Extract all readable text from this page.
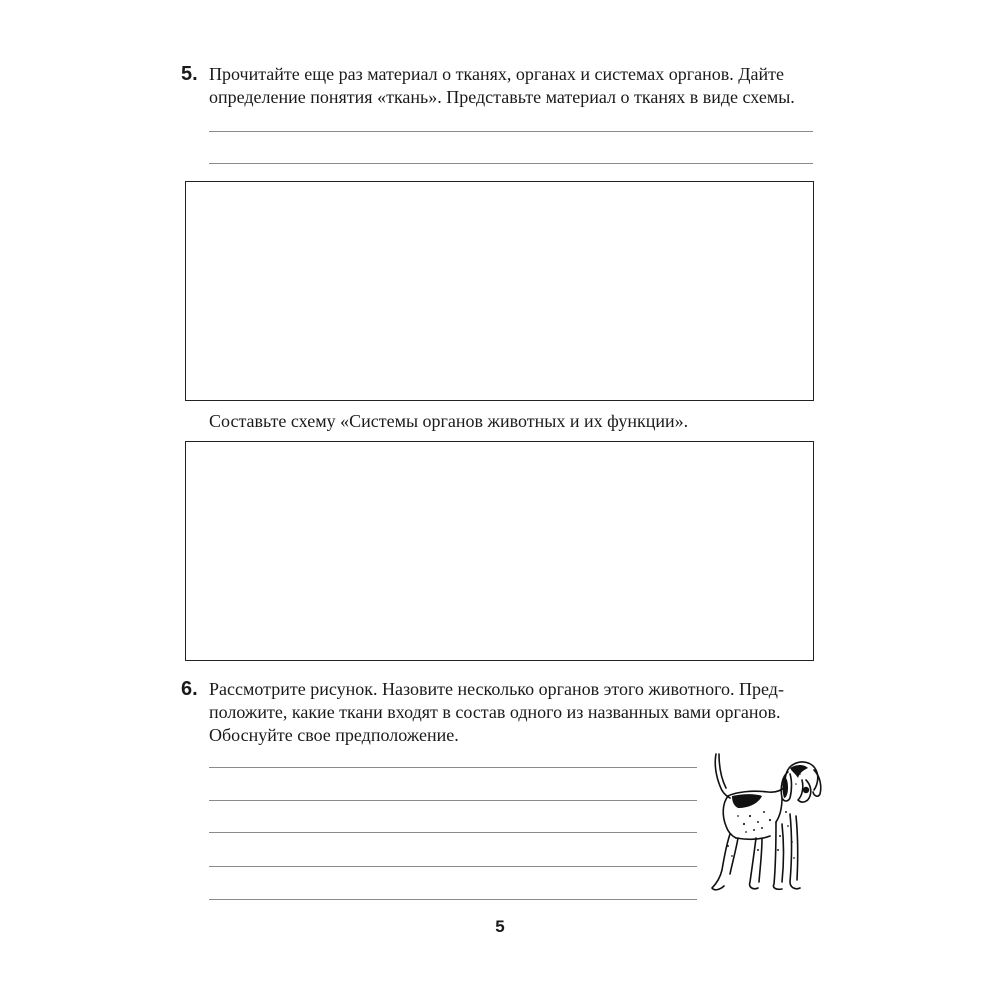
5. Прочитайте еще раз материал о тканях, органах и системах органов. Дайте
определение понятия «ткань». Представьте материал о тканях в виде схемы.
Составьте схему «Системы органов животных и их функции».
6. Рассмотрите рисунок. Назовите несколько органов этого животного. Пред-
положите, какие ткани входят в состав одного из названных вами органов.
Обоснуйте свое предположение.
5
